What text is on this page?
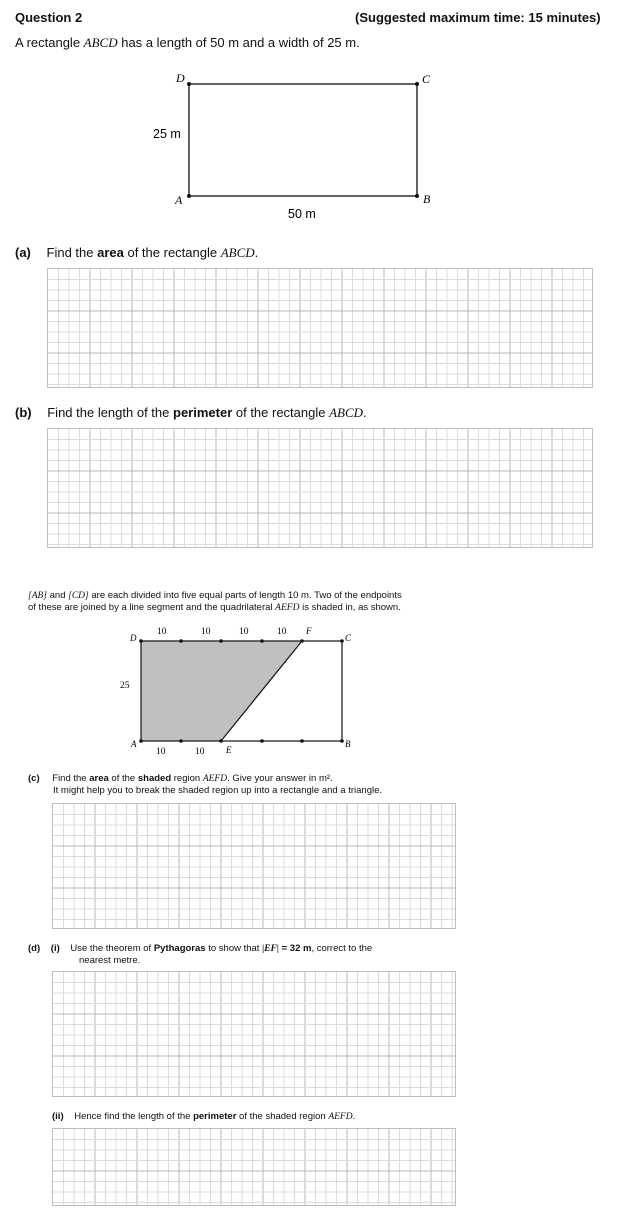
Question 2	(Suggested maximum time: 15 minutes)
A rectangle ABCD has a length of 50 m and a width of 25 m.
D	C
A	B
25 m
50 m
(a) Find the area of the rectangle ABCD.
(b) Find the length of the perimeter of the rectangle ABCD.
[AB] and [CD] are each divided into five equal parts of length 10 m. Two of the endpoints
of these are joined by a line segment and the quadrilateral AEFD is shaded in, as shown.
D
F
C
A
E
B
10	10	10	10
10	10
25
(c) Find the area of the shaded region AEFD. Give your answer in m².
It might help you to break the shaded region up into a rectangle and a triangle.
(d) (i) Use the theorem of Pythagoras to show that |EF| = 32 m, correct to the
nearest metre.
(ii) Hence find the length of the perimeter of the shaded region AEFD.
